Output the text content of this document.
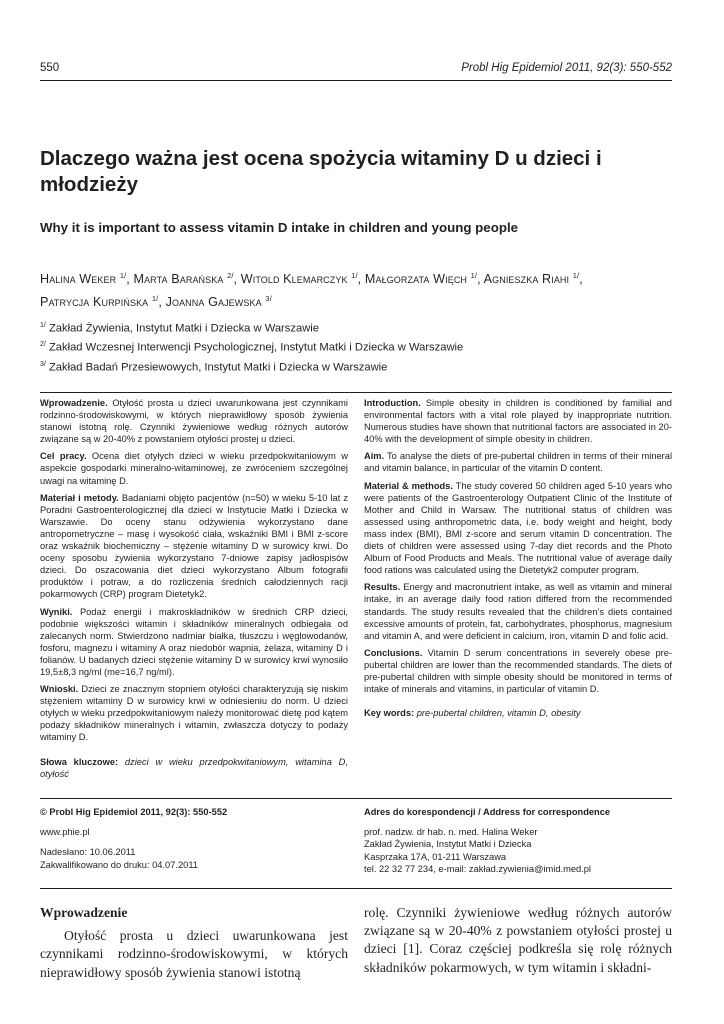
550	Probl Hig Epidemiol 2011, 92(3): 550-552
Dlaczego ważna jest ocena spożycia witaminy D u dzieci i młodzieży
Why it is important to assess vitamin D intake in children and young people
Halina Weker $^{1/}$, Marta Barańska $^{2/}$, Witold Klemarczyk $^{1/}$, Małgorzata Więch $^{1/}$, Agnieszka Riahi $^{1/}$,
Patrycja Kurpińska $^{1/}$, Joanna Gajewska $^{3/}$
$^{1/}$ Zakład Żywienia, Instytut Matki i Dziecka w Warszawie
$^{2/}$ Zakład Wczesnej Interwencji Psychologicznej, Instytut Matki i Dziecka w Warszawie
$^{3/}$ Zakład Badań Przesiewowych, Instytut Matki i Dziecka w Warszawie

Wprowadzenie. Otyłość prosta u dzieci uwarunkowana jest czynnikami rodzinno-środowiskowymi, w których nieprawidłowy sposób żywienia stanowi istotną rolę. Czynniki żywieniowe według różnych autorów związane są w 20-40% z powstaniem otyłości prostej u dzieci.

Cel pracy. Ocena diet otyłych dzieci w wieku przedpokwitaniowym w aspekcie gospodarki mineralno-witaminowej, ze zwróceniem szczególnej uwagi na witaminę D.

Materiał i metody. Badaniami objęto pacjentów (n=50) w wieku 5-10 lat z Poradni Gastroenterologicznej dla dzieci w Instytucie Matki i Dziecka w Warszawie. Do oceny stanu odżywienia wykorzystano dane antropometryczne – masę i wysokość ciała, wskaźniki BMI i BMI z-score oraz wskaźnik biochemiczny – stężenie witaminy D w surowicy krwi. Do oceny sposobu żywienia wykorzystano 7-dniowe zapisy jadłospisów dzieci. Do oszacowania diet dzieci wykorzystano Album fotografii produktów i potraw, a do rozliczenia średnich całodziennych racji pokarmowych (CRP) program Dietetyk2.

Wyniki. Podaż energii i makroskładników w średnich CRP dzieci, podobnie większości witamin i składników mineralnych odbiegała od zalecanych norm. Stwierdzono nadmiar białka, tłuszczu i węglowodanów, fosforu, magnezu i witaminy A oraz niedobór wapnia, żelaza, witaminy D i folianów. U badanych dzieci stężenie witaminy D w surowicy krwi wynosiło 19,5±8,3 ng/ml (me=16,7 ng/ml).

Wnioski. Dzieci ze znacznym stopniem otyłości charakteryzują się niskim stężeniem witaminy D w surowicy krwi w odniesieniu do norm. U dzieci otyłych w wieku przedpokwitaniowym należy monitorować dietę pod kątem podaży składników mineralnych i witamin, zwłaszcza dotyczy to podaży witaminy D.

Słowa kluczowe: dzieci w wieku przedpokwitaniowym, witamina D, otyłość

Introduction. Simple obesity in children is conditioned by familial and environmental factors with a vital role played by inappropriate nutrition. Numerous studies have shown that nutritional factors are associated in 20-40% with the development of simple obesity in children.

Aim. To analyse the diets of pre-pubertal children in terms of their mineral and vitamin balance, in particular of the vitamin D content.

Material & methods. The study covered 50 children aged 5-10 years who were patients of the Gastroenterology Outpatient Clinic of the Institute of Mother and Child in Warsaw. The nutritional status of children was assessed using anthropometric data, i.e. body weight and height, body mass index (BMI), BMI z-score and serum vitamin D concentration. The diets of children were assessed using 7-day diet records and the Photo Album of Food Products and Meals. The nutritional value of average daily food rations was calculated using the Dietetyk2 computer program.

Results. Energy and macronutrient intake, as well as vitamin and mineral intake, in an average daily food ration differed from the recommended standards. The study results revealed that the children’s diets contained excessive amounts of protein, fat, carbohydrates, phosphorus, magnesium and vitamin A, and were deficient in calcium, iron, vitamin D and folic acid.

Conclusions. Vitamin D serum concentrations in severely obese pre-pubertal children are lower than the recommended standards. The diets of pre-pubertal children with simple obesity should be monitored in terms of intake of minerals and vitamins, in particular of vitamin D.

Key words: pre-pubertal children, vitamin D, obesity

© Probl Hig Epidemiol 2011, 92(3): 550-552
www.phie.pl
Nadesłano: 10.06.2011
Zakwalifikowano do druku: 04.07.2011
Adres do korespondencji / Address for correspondence
prof. nadzw. dr hab. n. med. Halina Weker
Zakład Żywienia, Instytut Matki i Dziecka
Kasprzaka 17A, 01-211 Warszawa
tel. 22 32 77 234, e-mail: zakład.zywienia@imid.med.pl
Wprowadzenie

Otyłość prosta u dzieci uwarunkowana jest czynnikami rodzinno-środowiskowymi, w których nieprawidłowy sposób żywienia stanowi istotną

rolę. Czynniki żywieniowe według różnych autorów związane są w 20-40% z powstaniem otyłości prostej u dzieci [1]. Coraz częściej podkreśla się rolę różnych składników pokarmowych, w tym witamin i składni-
